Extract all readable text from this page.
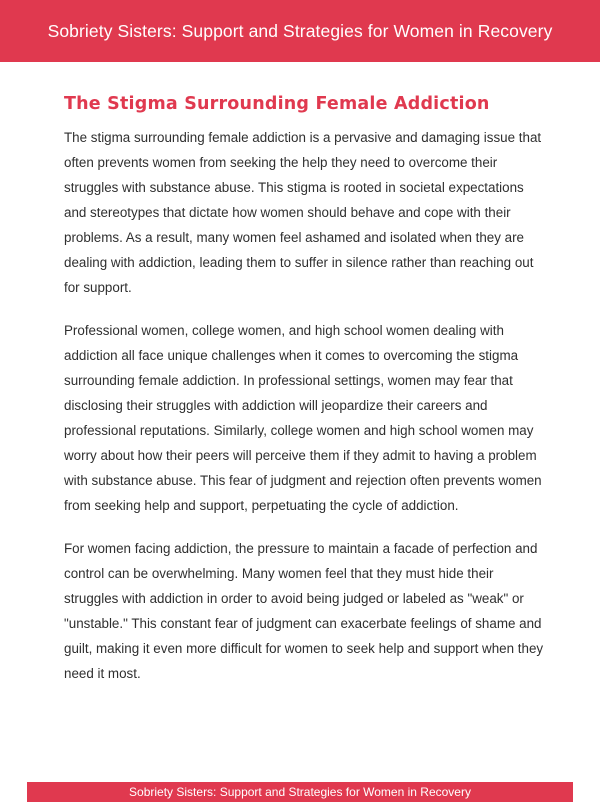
Sobriety Sisters: Support and Strategies for Women in Recovery
The Stigma Surrounding Female Addiction

The stigma surrounding female addiction is a pervasive and damaging issue that often prevents women from seeking the help they need to overcome their struggles with substance abuse. This stigma is rooted in societal expectations and stereotypes that dictate how women should behave and cope with their problems. As a result, many women feel ashamed and isolated when they are dealing with addiction, leading them to suffer in silence rather than reaching out for support.

Professional women, college women, and high school women dealing with addiction all face unique challenges when it comes to overcoming the stigma surrounding female addiction. In professional settings, women may fear that disclosing their struggles with addiction will jeopardize their careers and professional reputations. Similarly, college women and high school women may worry about how their peers will perceive them if they admit to having a problem with substance abuse. This fear of judgment and rejection often prevents women from seeking help and support, perpetuating the cycle of addiction.

For women facing addiction, the pressure to maintain a facade of perfection and control can be overwhelming. Many women feel that they must hide their struggles with addiction in order to avoid being judged or labeled as "weak" or "unstable." This constant fear of judgment can exacerbate feelings of shame and guilt, making it even more difficult for women to seek help and support when they need it most.

Sobriety Sisters: Support and Strategies for Women in Recovery
